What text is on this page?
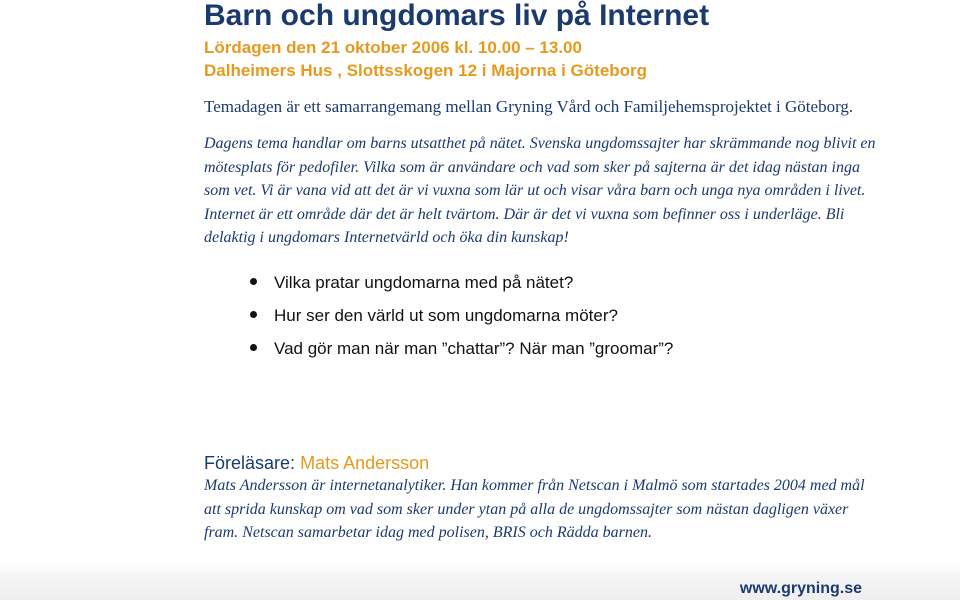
Barn och ungdomars liv på Internet

Lördagen den 21 oktober 2006 kl. 10.00 – 13.00

Dalheimers Hus , Slottsskogen 12 i Majorna i Göteborg

Temadagen är ett samarrangemang mellan Gryning Vård och Familjehemsprojektet i Göteborg.

Dagens tema handlar om barns utsatthet på nätet. Svenska ungdomssajter har skrämmande nog blivit en mötesplats för pedofiler. Vilka som är användare och vad som sker på sajterna är det idag nästan inga som vet. Vi är vana vid att det är vi vuxna som lär ut och visar våra barn och unga nya områden i livet. Internet är ett område där det är helt tvärtom. Där är det vi vuxna som befinner oss i underläge. Bli delaktig i ungdomars Internetvärld och öka din kunskap!

Vilka pratar ungdomarna med på nätet?
Hur ser den värld ut som ungdomarna möter?
Vad gör man när man ”chattar”? När man ”groomar”?

Föreläsare: Mats Andersson

Mats Andersson är internetanalytiker. Han kommer från Netscan i Malmö som startades 2004 med mål att sprida kunskap om vad som sker under ytan på alla de ungdomssajter som nästan dagligen växer fram. Netscan samarbetar idag med polisen, BRIS och Rädda barnen.

www.gryning.se
